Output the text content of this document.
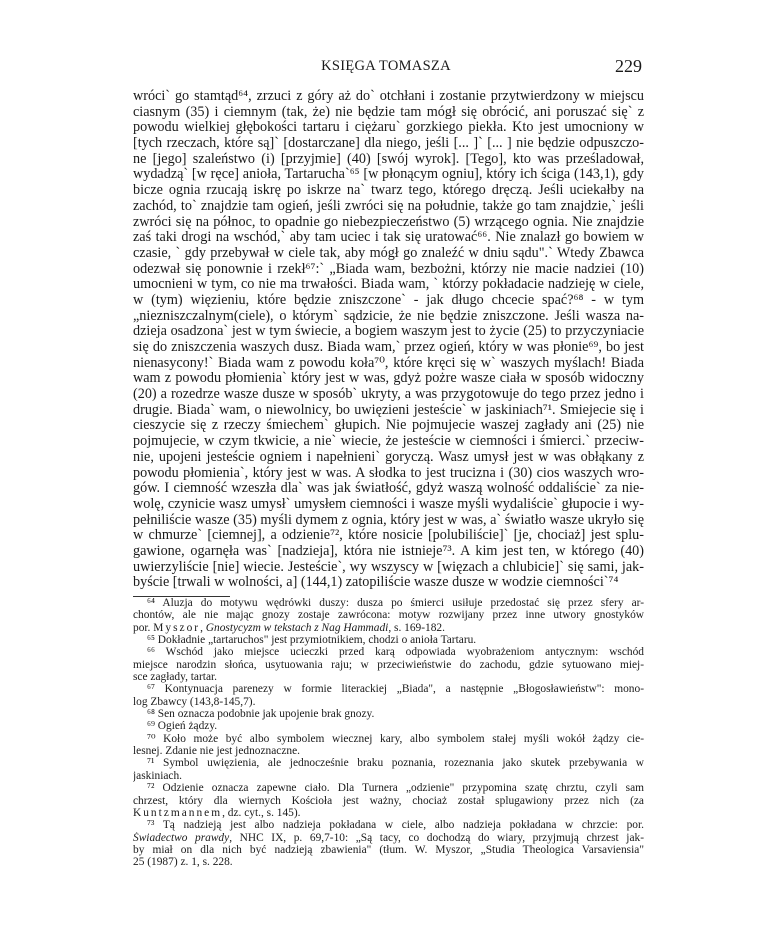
KSIĘGA TOMASZA	229
wróci` go stamtąd⁶⁴, zrzuci z góry aż do` otchłani i zostanie przytwierdzony w miejscu
ciasnym (35) i ciemnym (tak, że) nie będzie tam mógł się obrócić, ani poruszać się` z
powodu wielkiej głębokości tartaru i ciężaru` gorzkiego piekła. Kto jest umocniony w
[tych rzeczach, które są]` [dostarczane] dla niego, jeśli [... ]` [... ] nie będzie odpuszczo-
ne [jego] szaleństwo (i) [przyjmie] (40) [swój wyrok]. [Tego], kto was prześladował,
wydadzą` [w ręce] anioła, Tartarucha`⁶⁵ [w płonącym ogniu], który ich ściga (143,1), gdy
bicze ognia rzucają iskrę po iskrze na` twarz tego, którego dręczą. Jeśli uciekałby na
zachód, to` znajdzie tam ogień, jeśli zwróci się na południe, także go tam znajdzie,` jeśli
zwróci się na północ, to opadnie go niebezpieczeństwo (5) wrzącego ognia. Nie znajdzie
zaś taki drogi na wschód,` aby tam uciec i tak się uratować⁶⁶. Nie znalazł go bowiem w
czasie, ` gdy przebywał w ciele tak, aby mógł go znaleźć w dniu sądu".` Wtedy Zbawca
odezwał się ponownie i rzekł⁶⁷:` „Biada wam, bezbożni, którzy nie macie nadziei (10)
umocnieni w tym, co nie ma trwałości. Biada wam, ` którzy pokładacie nadzieję w ciele,
w (tym) więzieniu, które będzie zniszczone` - jak długo chcecie spać?⁶⁸ - w tym
„niezniszczalnym(ciele), o którym` sądzicie, że nie będzie zniszczone. Jeśli wasza na-
dzieja osadzona` jest w tym świecie, a bogiem waszym jest to życie (25) to przyczyniacie
się do zniszczenia waszych dusz. Biada wam,` przez ogień, który w was płonie⁶⁹, bo jest
nienasycony!` Biada wam z powodu koła⁷⁰, które kręci się w` waszych myślach! Biada
wam z powodu płomienia` który jest w was, gdyż pożre wasze ciała w sposób widoczny
(20) a rozedrze wasze dusze w sposób` ukryty, a was przygotowuje do tego przez jedno i
drugie. Biada` wam, o niewolnicy, bo uwięzieni jesteście` w jaskiniach⁷¹. Śmiejecie się i
cieszycie się z rzeczy śmiechem` głupich. Nie pojmujecie waszej zagłady ani (25) nie
pojmujecie, w czym tkwicie, a nie` wiecie, że jesteście w ciemności i śmierci.` przeciw-
nie, upojeni jesteście ogniem i napełnieni` goryczą. Wasz umysł jest w was obłąkany z
powodu płomienia`, który jest w was. A słodka to jest trucizna i (30) cios waszych wro-
gów. I ciemność wzeszła dla` was jak światłość, gdyż waszą wolność oddaliście` za nie-
wolę, czynicie wasz umysł` umysłem ciemności i wasze myśli wydaliście` głupocie i wy-
pełniliście wasze (35) myśli dymem z ognia, który jest w was, a` światło wasze ukryło się
w chmurze` [ciemnej], a odzienie⁷², które nosicie [polubiliście]` [je, chociaż] jest splu-
gawione, ogarnęła was` [nadzieja], która nie istnieje⁷³. A kim jest ten, w którego (40)
uwierzyliście [nie] wiecie. Jesteście`, wy wszyscy w [więzach a chlubicie]` się sami, jak-
byście [trwali w wolności, a] (144,1) zatopiliście wasze dusze w wodzie ciemności`⁷⁴
⁶⁴ Aluzja do motywu wędrówki duszy: dusza po śmierci usiłuje przedostać się przez sfery ar-
chontów, ale nie mając gnozy zostaje zawrócona: motyw rozwijany przez inne utwory gnostyków
por. Myszor, Gnostycyzm w tekstach z Nag Hammadi, s. 169-182.
⁶⁵ Dokładnie „tartaruchos" jest przymiotnikiem, chodzi o anioła Tartaru.
⁶⁶ Wschód jako miejsce ucieczki przed karą odpowiada wyobrażeniom antycznym: wschód
miejsce narodzin słońca, usytuowania raju; w przeciwieństwie do zachodu, gdzie sytuowano miej-
sce zagłady, tartar.
⁶⁷ Kontynuacja parenezy w formie literackiej „Biada", a następnie „Błogosławieństw": mono-
log Zbawcy (143,8-145,7).
⁶⁸ Sen oznacza podobnie jak upojenie brak gnozy.
⁶⁹ Ogień żądzy.
⁷⁰ Koło może być albo symbolem wiecznej kary, albo symbolem stałej myśli wokół żądzy cie-
lesnej. Zdanie nie jest jednoznaczne.
⁷¹ Symbol uwięzienia, ale jednocześnie braku poznania, rozeznania jako skutek przebywania w
jaskiniach.
⁷² Odzienie oznacza zapewne ciało. Dla Turnera „odzienie" przypomina szatę chrztu, czyli sam
chrzest, który dla wiernych Kościoła jest ważny, chociaż został splugawiony przez nich (za
Kuntzmannem, dz. cyt., s. 145).
⁷³ Tą nadzieją jest albo nadzieja pokładana w ciele, albo nadzieja pokładana w chrzcie: por.
Świadectwo prawdy, NHC IX, p. 69,7-10: „Są tacy, co dochodzą do wiary, przyjmują chrzest jak-
by miał on dla nich być nadzieją zbawienia" (tłum. W. Myszor, „Studia Theologica Varsaviensia"
25 (1987) z. 1, s. 228.
